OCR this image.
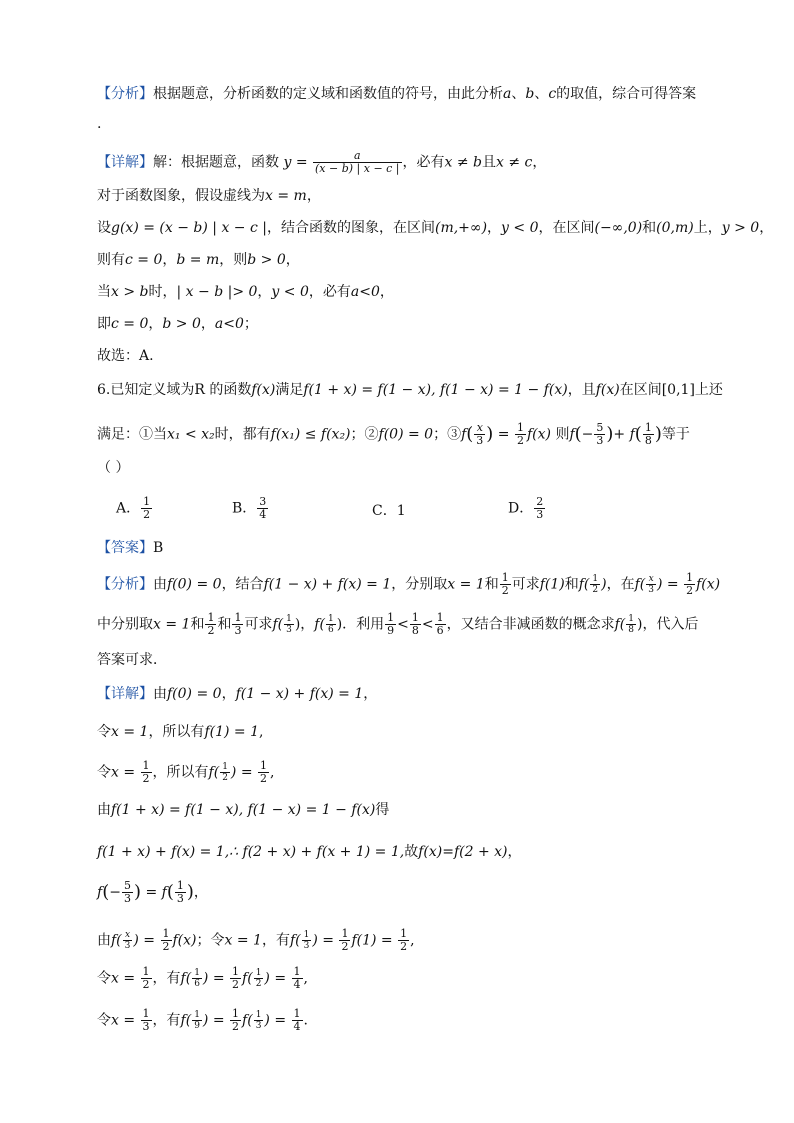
【分析】根据题意，分析函数的定义域和函数值的符号，由此分析a、b、c的取值，综合可得答案
.
【详解】解：根据题意，函数 $y = \frac{a}{(x - b) | x - c |}$ ，必有x ≠ b且x ≠ c，
对于函数图象，假设虚线为x = m，
设g(x) = (x − b) | x − c |，结合函数的图象，在区间(m,+∞)，y < 0，在区间(−∞,0)和(0,m)上，y > 0，
则有c = 0，b = m，则b > 0，
当x > b时，| x − b |> 0，y < 0，必有a<0，
即c = 0，b > 0，a<0；
故选：A.
6.已知定义域为R 的函数f(x)满足f(1 + x) = f(1 − x), f(1 − x) = 1 − f(x)，且f(x)在区间[0,1]上还
满足：①当x₁ < x₂时，都有f(x₁) ≤ f(x₂)；②f(0) = 0；③f( $\frac{x}{3}$ ) = $\frac{1}{2} f(x)$ 则$f(- \frac{5}{3}$ )+ $f( \frac{1}{8}$ )等于
（ ）
A． $\frac{1}{2}$	B． $\frac{3}{4}$	C．1	D． $\frac{2}{3}$
【答案】B
【分析】由f(0) = 0，结合f(1 − x) + f(x) = 1，分别取x = 1和 $\frac{1}{2}$ 可求f(1)和$f( \frac{1}{2}$ )，在$f( \frac{x}{3}$ ) = $\frac{1}{2} f(x)$
中分别取x = 1和 $\frac{1}{2}$ 和 $\frac{1}{3}$ 可求$f( \frac{1}{3}$ )，$f( \frac{1}{6}$ )．利用 $\frac{1}{9} < \frac{1}{8} < \frac{1}{6}$ ，又结合非减函数的概念求$f( \frac{1}{8}$ )，代入后
答案可求．
【详解】由f(0) = 0，f(1 − x) + f(x) = 1，
令x = 1，所以有f(1) = 1,
令$x = \frac{1}{2}$ ，所以有$f( \frac{1}{2}$ ) = $\frac{1}{2}$ ,
由f(1 + x) = f(1 − x), f(1 − x) = 1 − f(x)得
f(1 + x) + f(x) = 1,∴ f(2 + x) + f(x + 1) = 1,故f(x)=f(2 + x)，
$f(- \frac{5}{3}$ ) = $f( \frac{1}{3}$ )，
由$f( \frac{x}{3}$ ) = $\frac{1}{2} f(x)$；令x = 1，有$f( \frac{1}{3}$ ) = $\frac{1}{2} f(1) = \frac{1}{2}$ ,
令$x = \frac{1}{2}$ ，有$f( \frac{1}{6}$ ) = $\frac{1}{2} f( \frac{1}{2}$ ) = $\frac{1}{4}$ ,
令$x = \frac{1}{3}$ ，有$f( \frac{1}{9}$ ) = $\frac{1}{2} f( \frac{1}{3}$ ) = $\frac{1}{4}$ .
